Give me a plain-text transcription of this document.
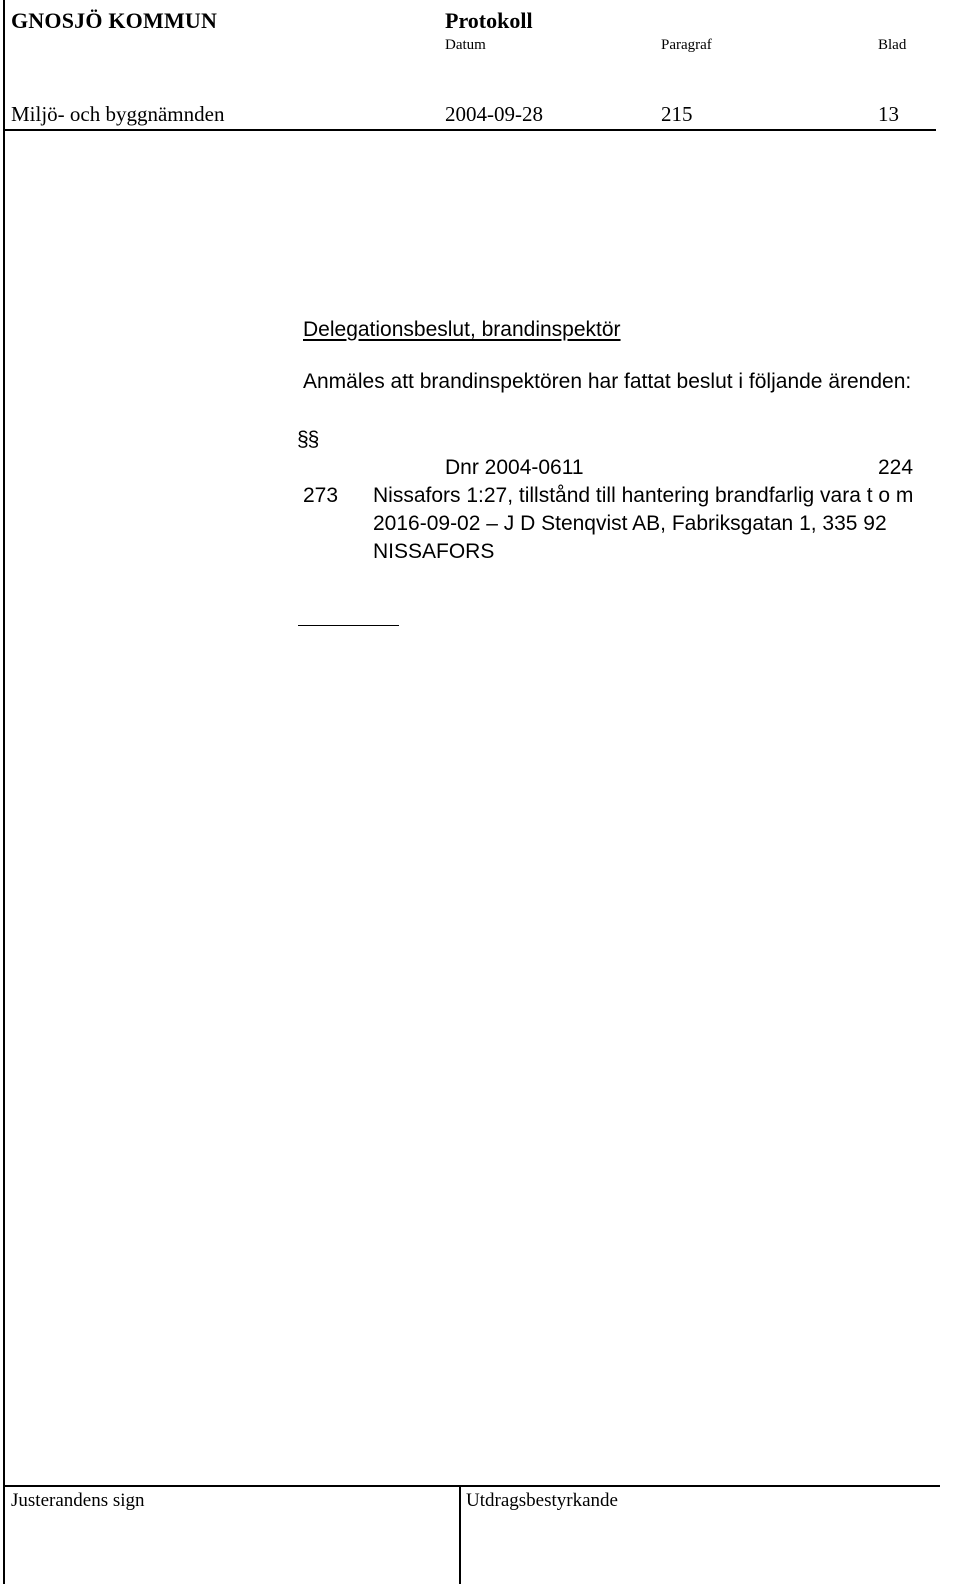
GNOSJÖ KOMMUN	Protokoll
Datum	Paragraf	Blad
Miljö- och byggnämnden	2004-09-28	215	13
Delegationsbeslut, brandinspektör
Anmäles att brandinspektören har fattat beslut i följande ärenden:
§§
Dnr 2004-0611	224
273 Nissafors 1:27, tillstånd till hantering brandfarlig vara t o m
2016-09-02 – J D Stenqvist AB, Fabriksgatan 1, 335 92
NISSAFORS
Justerandens sign	Utdragsbestyrkande
